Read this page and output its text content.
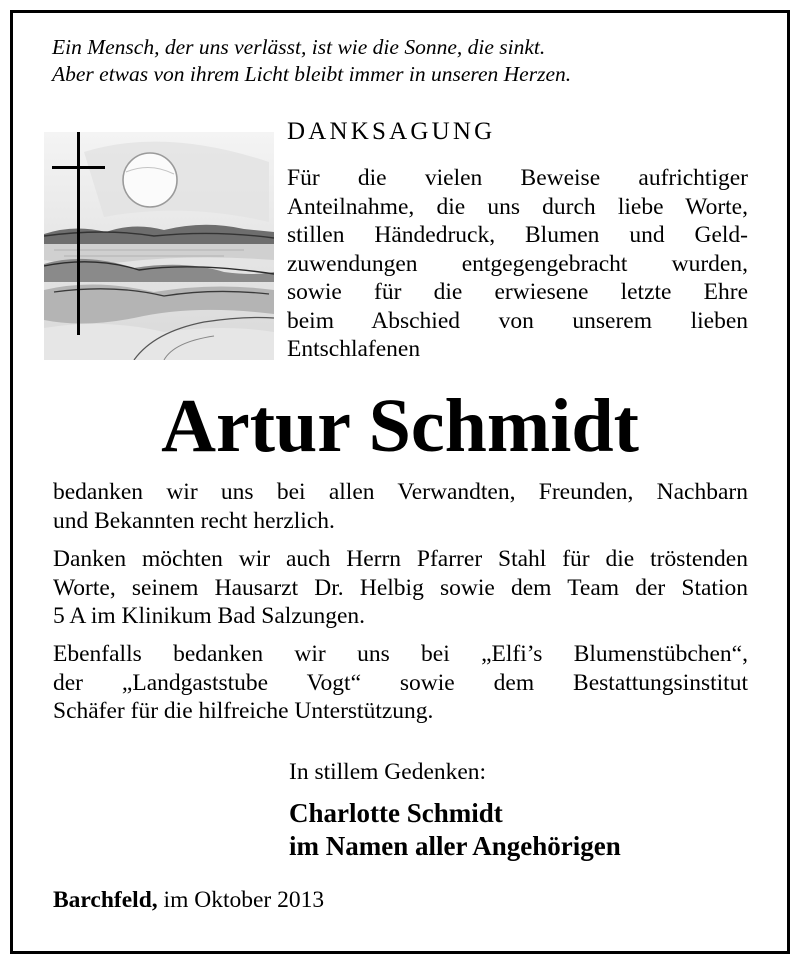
Ein Mensch, der uns verlässt, ist wie die Sonne, die sinkt.
Aber etwas von ihrem Licht bleibt immer in unseren Herzen.
DANKSAGUNG
Für die vielen Beweise aufrichtiger
Anteilnahme, die uns durch liebe Worte,
stillen Händedruck, Blumen und Geld-
zuwendungen entgegengebracht wurden,
sowie für die erwiesene letzte Ehre
beim Abschied von unserem lieben
Entschlafenen
Artur Schmidt
bedanken wir uns bei allen Verwandten, Freunden, Nachbarn
und Bekannten recht herzlich.
Danken möchten wir auch Herrn Pfarrer Stahl für die tröstenden
Worte, seinem Hausarzt Dr. Helbig sowie dem Team der Station
5 A im Klinikum Bad Salzungen.
Ebenfalls bedanken wir uns bei „Elfi’s Blumenstübchen“,
der „Landgaststube Vogt“ sowie dem Bestattungsinstitut
Schäfer für die hilfreiche Unterstützung.
In stillem Gedenken:
Charlotte Schmidt
im Namen aller Angehörigen
Barchfeld, im Oktober 2013
